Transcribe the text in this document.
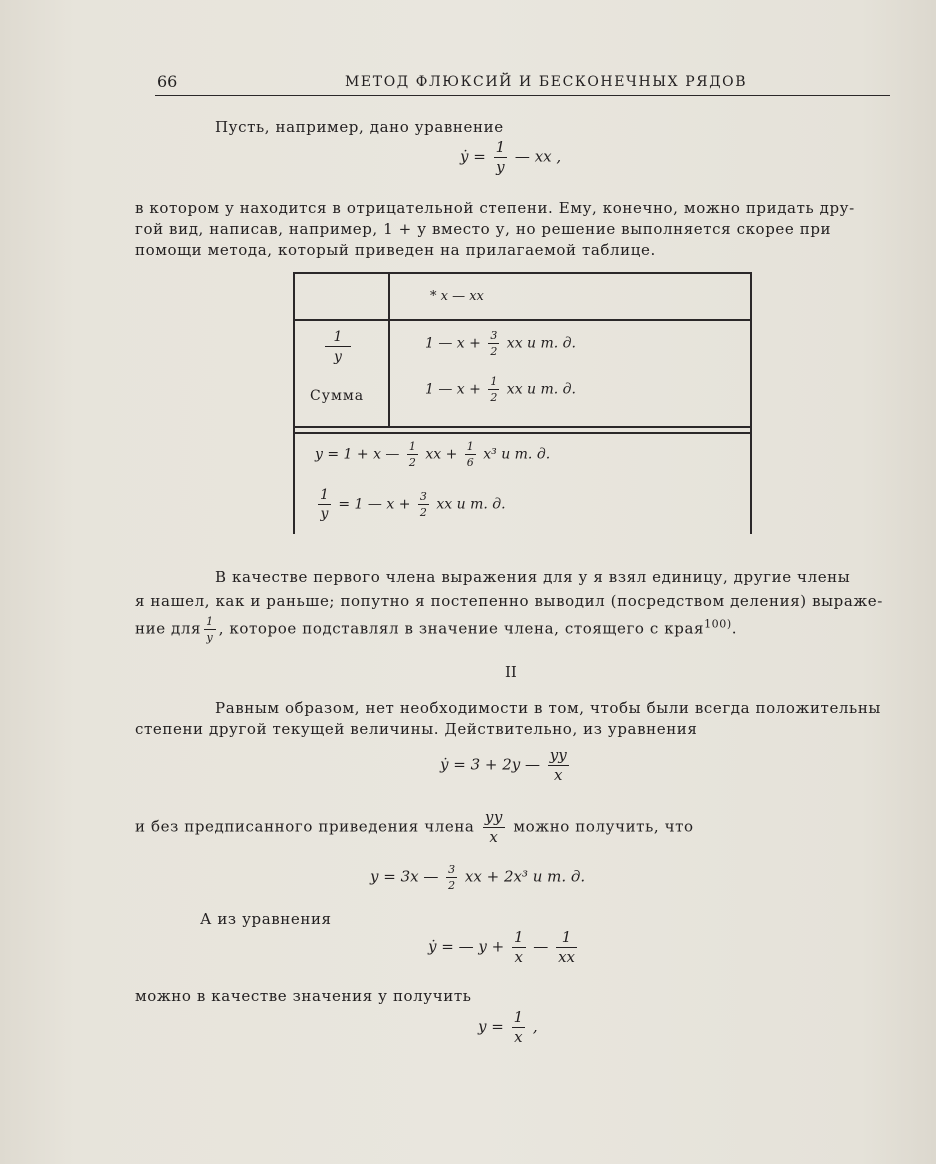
66	МЕТОД ФЛЮКСИЙ И БЕСКОНЕЧНЫХ РЯДОВ
Пусть, например, дано уравнение
ẏ = $\frac{1}{y}$ — xx ,
в котором у находится в отрицательной степени. Ему, конечно, можно придать дру-
гой вид, написав, например, 1 + у вместо у, но решение выполняется скорее при
помощи метода, который приведен на прилагаемой таблице.
* x — xx
$\frac{1}{y}$	1 — $x + \frac{3}{2}$ xx и т. д.
Сумма	1 — $x + \frac{1}{2}$ xx и т. д.
y = 1 + x — $\frac{1}{2}$ xx + $\frac{1}{6} x^3$ и т. д.
$\frac{1}{y} = 1$ — $x + \frac{3}{2}$ xx и т. д.
В качестве первого члена выражения для у я взял единицу, другие члены
я нашел, как и раньше; попутно я постепенно выводил (посредством деления) выраже-
ние для $\frac{1}{y}$ , которое подставлял в значение члена, стоящего с края$^{100)}$.
II
Равным образом, нет необходимости в том, чтобы были всегда положительны
степени другой текущей величины. Действительно, из уравнения
ẏ = 3 + 2y — $\frac{yy}{x}$
и без предписанного приведения члена $\frac{yy}{x}$ можно получить, что
y = 3x — $\frac{3}{2}$ xx + 2x³ и т. д.
А из уравнения
ẏ = — $y + \frac{1}{x}$ — $\frac{1}{xx}$
можно в качестве значения у получить
$y = \frac{1}{x}$ ,
